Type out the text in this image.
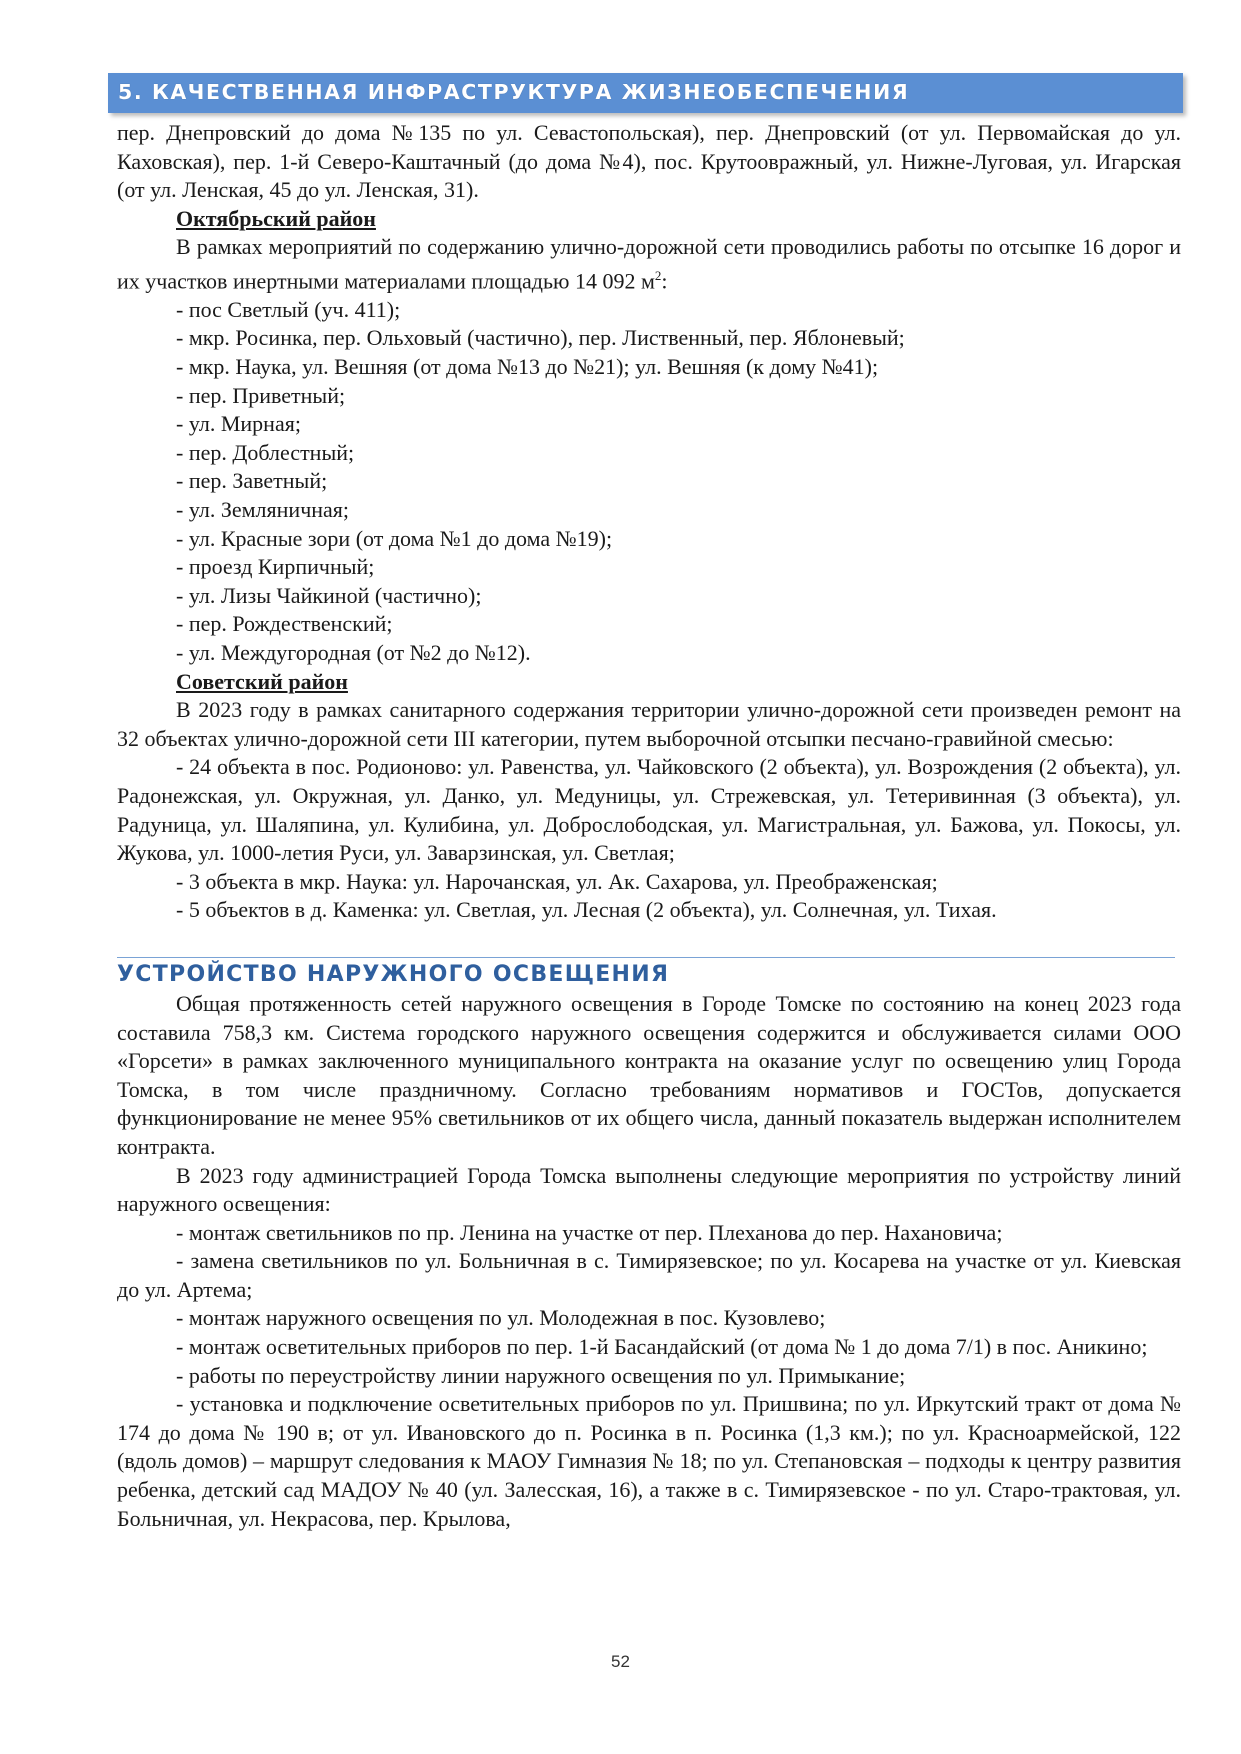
5. КАЧЕСТВЕННАЯ ИНФРАСТРУКТУРА ЖИЗНЕОБЕСПЕЧЕНИЯ

пер. Днепровский до дома №135 по ул. Севастопольская), пер. Днепровский (от ул. Первомайская до ул. Каховская), пер. 1-й Северо-Каштачный (до дома №4), пос. Крутооврaжный, ул. Нижне-Луговая, ул. Игарская (от ул. Ленская, 45 до ул. Ленская, 31).

Октябрьский район

В рамках мероприятий по содержанию улично-дорожной сети проводились работы по отсыпке 16 дорог и их участков инертными материалами площадью 14 092 $м^2$:

- пос Светлый (уч. 411);

- мкр. Росинка, пер. Ольховый (частично), пер. Лиственный, пер. Яблоневый;

- мкр. Наука, ул. Вешняя (от дома №13 до №21); ул. Вешняя (к дому №41);

- пер. Приветный;

- ул. Мирная;

- пер. Доблестный;

- пер. Заветный;

- ул. Земляничная;

- ул. Красные зори (от дома №1 до дома №19);

- проезд Кирпичный;

- ул. Лизы Чайкиной (частично);

- пер. Рождественский;

- ул. Междугородная (от №2 до №12).

Советский район

В 2023 году в рамках санитарного содержания территории улично-дорожной сети произведен ремонт на 32 объектах улично-дорожной сети III категории, путем выборочной отсыпки песчано-гравийной смесью:

- 24 объекта в пос. Родионово: ул. Равенства, ул. Чайковского (2 объекта), ул. Возрождения (2 объекта), ул. Радонежская, ул. Окружная, ул. Данко, ул. Медуницы, ул. Стрежевская, ул. Тетеривинная (3 объекта), ул. Радуница, ул. Шаляпина, ул. Кулибина, ул. Доброслободская, ул. Магистральная, ул. Бажова, ул. Покосы, ул. Жукова, ул. 1000-летия Руси, ул. Заварзинская, ул. Светлая;

- 3 объекта в мкр. Наука: ул. Нарочанская, ул. Ак. Сахарова, ул. Преображенская;

- 5 объектов в д. Каменка: ул. Светлая, ул. Лесная (2 объекта), ул. Солнечная, ул. Тихая.

УСТРОЙСТВО НАРУЖНОГО ОСВЕЩЕНИЯ

Общая протяженность сетей наружного освещения в Городе Томске по состоянию на конец 2023 года составила 758,3 км. Система городского наружного освещения содержится и обслуживается силами ООО «Горсети» в рамках заключенного муниципального контракта на оказание услуг по освещению улиц Города Томска, в том числе праздничному. Согласно требованиям нормативов и ГОСТов, допускается функционирование не менее 95% светильников от их общего числа, данный показатель выдержан исполнителем контракта.

В 2023 году администрацией Города Томска выполнены следующие мероприятия по устройству линий наружного освещения:

- монтаж светильников по пр. Ленина на участке от пер. Плеханова до пер. Нахановича;

- замена светильников по ул. Больничная в с. Тимирязевское; по ул. Косарева на участке от ул. Киевская до ул. Артема;

- монтаж наружного освещения по ул. Молодежная в пос. Кузовлево;

- монтаж осветительных приборов по пер. 1-й Басандайский (от дома № 1 до дома 7/1) в пос. Аникино;

- работы по переустройству линии наружного освещения по ул. Примыкание;

- установка и подключение осветительных приборов по ул. Пришвина; по ул. Иркутский тракт от дома № 174 до дома № 190 в; от ул. Ивановского до п. Росинка в п. Росинка (1,3 км.); по ул. Красноармейской, 122 (вдоль домов) – маршрут следования к МАОУ Гимназия № 18; по ул. Степановская – подходы к центру развития ребенка, детский сад МАДОУ № 40 (ул. Залесская, 16), а также в с. Тимирязевское - по ул. Старо-трактовая, ул. Больничная, ул. Некрасова, пер. Крылова,

52
